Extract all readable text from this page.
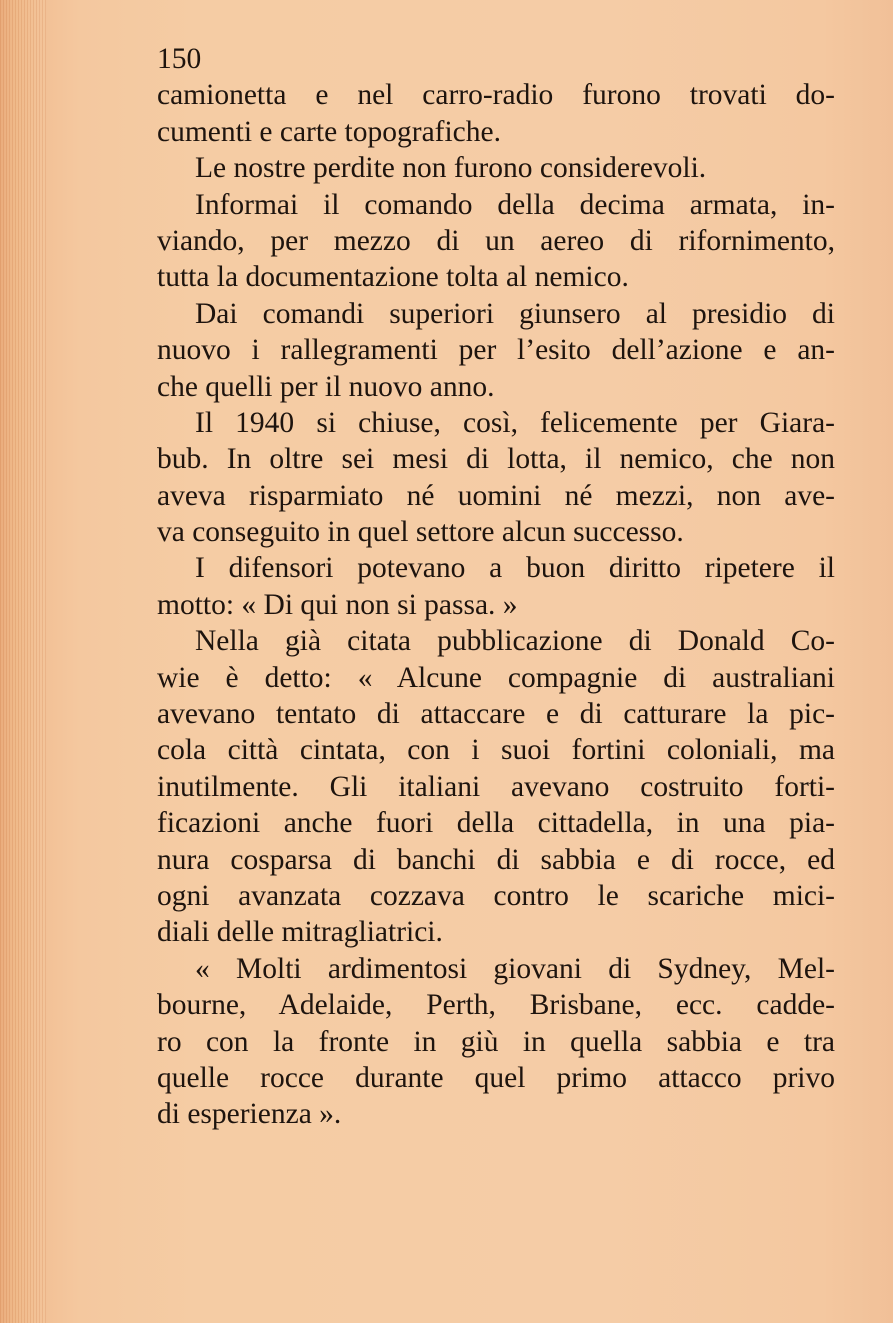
150
camionetta e nel carro-radio furono trovati do-
cumenti e carte topografiche.
Le nostre perdite non furono considerevoli.
Informai il comando della decima armata, in-
viando, per mezzo di un aereo di rifornimento,
tutta la documentazione tolta al nemico.
Dai comandi superiori giunsero al presidio di
nuovo i rallegramenti per l’esito dell’azione e an-
che quelli per il nuovo anno.
Il 1940 si chiuse, così, felicemente per Giara-
bub. In oltre sei mesi di lotta, il nemico, che non
aveva risparmiato né uomini né mezzi, non ave-
va conseguito in quel settore alcun successo.
I difensori potevano a buon diritto ripetere il
motto: « Di qui non si passa. »
Nella già citata pubblicazione di Donald Co-
wie è detto: « Alcune compagnie di australiani
avevano tentato di attaccare e di catturare la pic-
cola città cintata, con i suoi fortini coloniali, ma
inutilmente. Gli italiani avevano costruito forti-
ficazioni anche fuori della cittadella, in una pia-
nura cosparsa di banchi di sabbia e di rocce, ed
ogni avanzata cozzava contro le scariche mici-
diali delle mitragliatrici.
« Molti ardimentosi giovani di Sydney, Mel-
bourne, Adelaide, Perth, Brisbane, ecc. cadde-
ro con la fronte in giù in quella sabbia e tra
quelle rocce durante quel primo attacco privo
di esperienza ».
